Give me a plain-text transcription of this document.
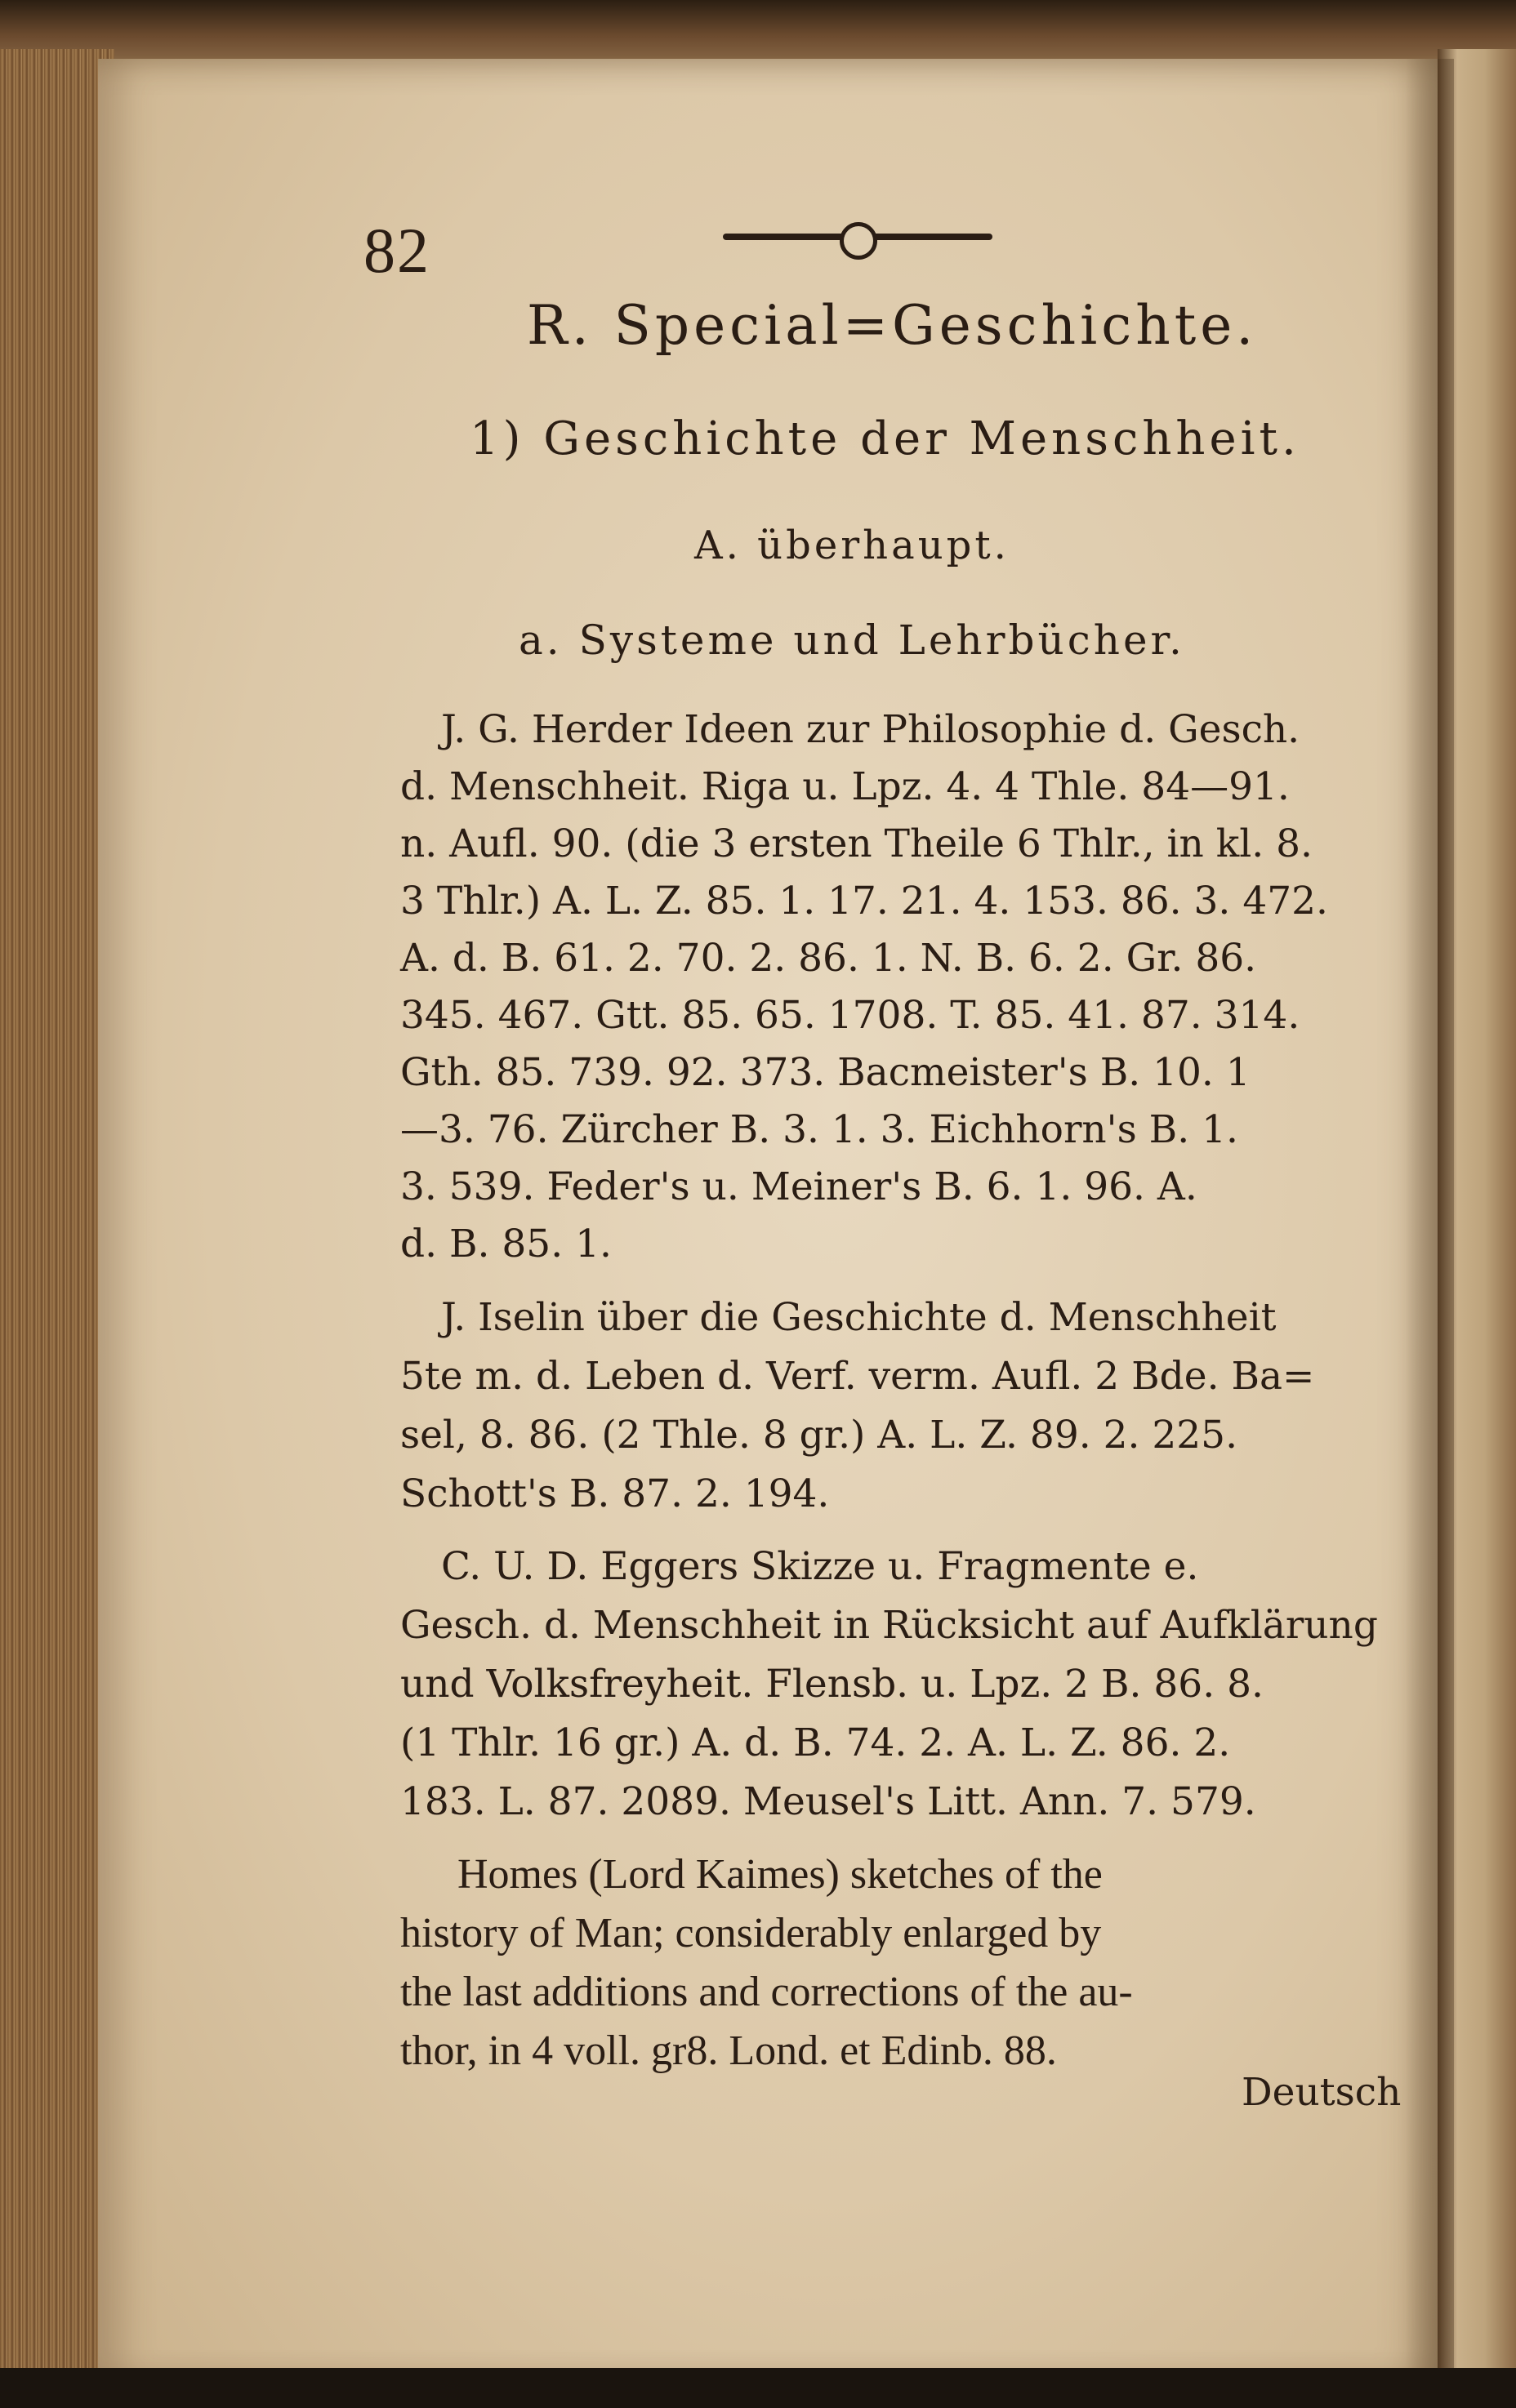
82
R. Special=Geschichte.
1) Geschichte der Menschheit.
A. überhaupt.
a. Systeme und Lehrbücher.
J. G. Herder Ideen zur Philosophie d. Gesch.
d. Menschheit. Riga u. Lpz. 4. 4 Thle. 84—91.
n. Aufl. 90. (die 3 ersten Theile 6 Thlr., in kl. 8.
3 Thlr.) A. L. Z. 85. 1. 17. 21. 4. 153. 86. 3. 472.
A. d. B. 61. 2. 70. 2. 86. 1. N. B. 6. 2. Gr. 86.
345. 467. Gtt. 85. 65. 1708. T. 85. 41. 87. 314.
Gth. 85. 739. 92. 373. Bacmeister's B. 10. 1
—3. 76. Zürcher B. 3. 1. 3. Eichhorn's B. 1.
3. 539. Feder's u. Meiner's B. 6. 1. 96. A.
d. B. 85. 1.
J. Iselin über die Geschichte d. Menschheit
5te m. d. Leben d. Verf. verm. Aufl. 2 Bde. Ba=
sel, 8. 86. (2 Thle. 8 gr.) A. L. Z. 89. 2. 225.
Schott's B. 87. 2. 194.
C. U. D. Eggers Skizze u. Fragmente e.
Gesch. d. Menschheit in Rücksicht auf Aufklärung
und Volksfreyheit. Flensb. u. Lpz. 2 B. 86. 8.
(1 Thlr. 16 gr.) A. d. B. 74. 2. A. L. Z. 86. 2.
183. L. 87. 2089. Meusel's Litt. Ann. 7. 579.
Homes (Lord Kaimes) sketches of the
history of Man; considerably enlarged by
the last additions and corrections of the au-
thor, in 4 voll. gr8. Lond. et Edinb. 88.
Deutsch
